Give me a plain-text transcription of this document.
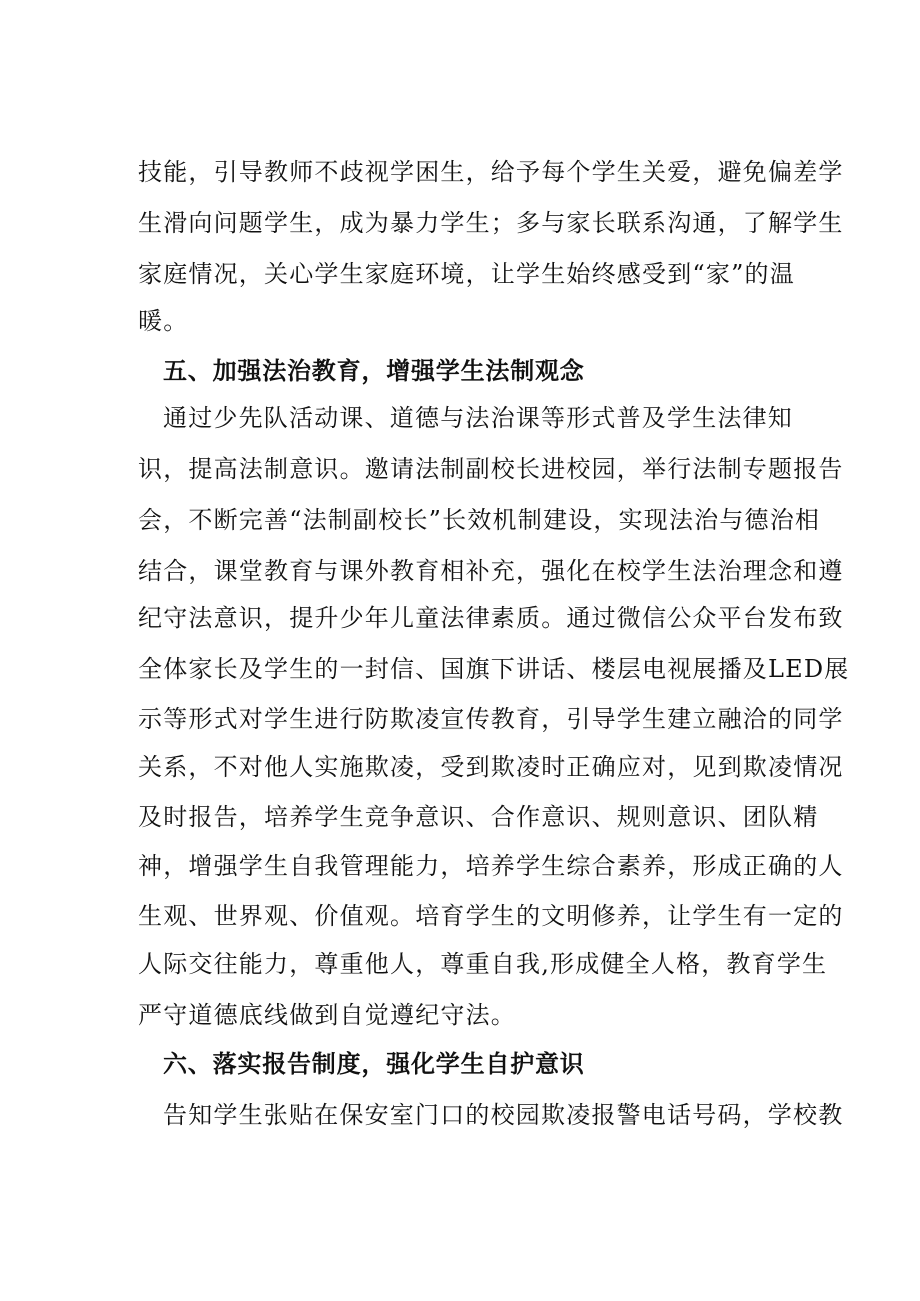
技能，引导教师不歧视学困生，给予每个学生关爱，避免偏差学
生滑向问题学生，成为暴力学生；多与家长联系沟通，了解学生
家庭情况，关心学生家庭环境，让学生始终感受到“家”的温
暖。
五、加强法治教育，增强学生法制观念
通过少先队活动课、道德与法治课等形式普及学生法律知
识，提高法制意识。邀请法制副校长进校园，举行法制专题报告
会，不断完善“法制副校长”长效机制建设，实现法治与德治相
结合，课堂教育与课外教育相补充，强化在校学生法治理念和遵
纪守法意识，提升少年儿童法律素质。通过微信公众平台发布致
全体家长及学生的一封信、国旗下讲话、楼层电视展播及LED展
示等形式对学生进行防欺凌宣传教育，引导学生建立融洽的同学
关系，不对他人实施欺凌，受到欺凌时正确应对，见到欺凌情况
及时报告，培养学生竞争意识、合作意识、规则意识、团队精
神，增强学生自我管理能力，培养学生综合素养，形成正确的人
生观、世界观、价值观。培育学生的文明修养，让学生有一定的
人际交往能力，尊重他人，尊重自我,形成健全人格，教育学生
严守道德底线做到自觉遵纪守法。
六、落实报告制度，强化学生自护意识
告知学生张贴在保安室门口的校园欺凌报警电话号码，学校教
